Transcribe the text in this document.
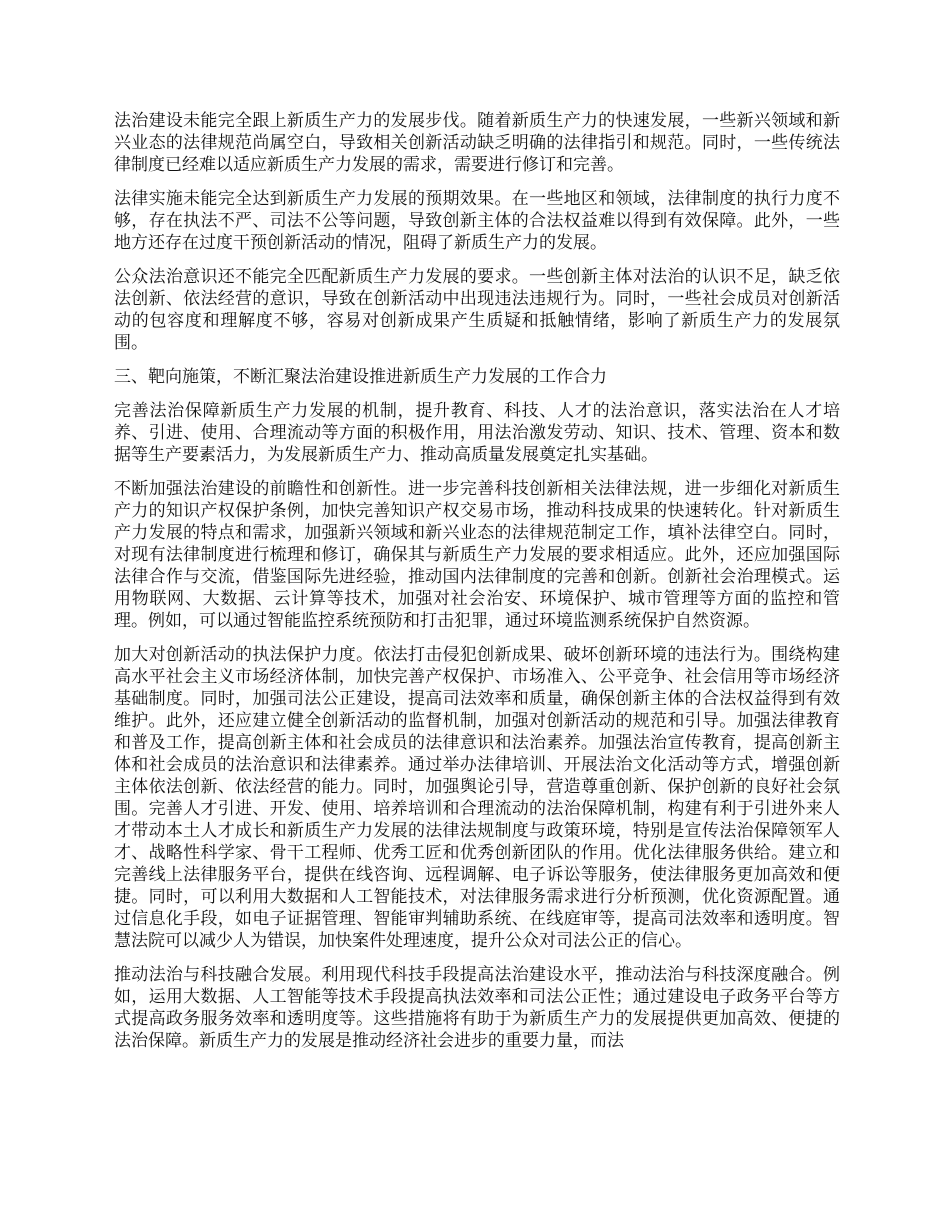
法治建设未能完全跟上新质生产力的发展步伐。随着新质生产力的快速发展，一些新兴领域和新兴业态的法律规范尚属空白，导致相关创新活动缺乏明确的法律指引和规范。同时，一些传统法律制度已经难以适应新质生产力发展的需求，需要进行修订和完善。

法律实施未能完全达到新质生产力发展的预期效果。在一些地区和领域，法律制度的执行力度不够，存在执法不严、司法不公等问题，导致创新主体的合法权益难以得到有效保障。此外，一些地方还存在过度干预创新活动的情况，阻碍了新质生产力的发展。

公众法治意识还不能完全匹配新质生产力发展的要求。一些创新主体对法治的认识不足，缺乏依法创新、依法经营的意识，导致在创新活动中出现违法违规行为。同时，一些社会成员对创新活动的包容度和理解度不够，容易对创新成果产生质疑和抵触情绪，影响了新质生产力的发展氛围。

三、靶向施策，不断汇聚法治建设推进新质生产力发展的工作合力

完善法治保障新质生产力发展的机制，提升教育、科技、人才的法治意识，落实法治在人才培养、引进、使用、合理流动等方面的积极作用，用法治激发劳动、知识、技术、管理、资本和数据等生产要素活力，为发展新质生产力、推动高质量发展奠定扎实基础。

不断加强法治建设的前瞻性和创新性。进一步完善科技创新相关法律法规，进一步细化对新质生产力的知识产权保护条例，加快完善知识产权交易市场，推动科技成果的快速转化。针对新质生产力发展的特点和需求，加强新兴领域和新兴业态的法律规范制定工作，填补法律空白。同时，对现有法律制度进行梳理和修订，确保其与新质生产力发展的要求相适应。此外，还应加强国际法律合作与交流，借鉴国际先进经验，推动国内法律制度的完善和创新。创新社会治理模式。运用物联网、大数据、云计算等技术，加强对社会治安、环境保护、城市管理等方面的监控和管理。例如，可以通过智能监控系统预防和打击犯罪，通过环境监测系统保护自然资源。

加大对创新活动的执法保护力度。依法打击侵犯创新成果、破坏创新环境的违法行为。围绕构建高水平社会主义市场经济体制，加快完善产权保护、市场准入、公平竞争、社会信用等市场经济基础制度。同时，加强司法公正建设，提高司法效率和质量，确保创新主体的合法权益得到有效维护。此外，还应建立健全创新活动的监督机制，加强对创新活动的规范和引导。加强法律教育和普及工作，提高创新主体和社会成员的法律意识和法治素养。加强法治宣传教育，提高创新主体和社会成员的法治意识和法律素养。通过举办法律培训、开展法治文化活动等方式，增强创新主体依法创新、依法经营的能力。同时，加强舆论引导，营造尊重创新、保护创新的良好社会氛围。完善人才引进、开发、使用、培养培训和合理流动的法治保障机制，构建有利于引进外来人才带动本土人才成长和新质生产力发展的法律法规制度与政策环境，特别是宣传法治保障领军人才、战略性科学家、骨干工程师、优秀工匠和优秀创新团队的作用。优化法律服务供给。建立和完善线上法律服务平台，提供在线咨询、远程调解、电子诉讼等服务，使法律服务更加高效和便捷。同时，可以利用大数据和人工智能技术，对法律服务需求进行分析预测，优化资源配置。通过信息化手段，如电子证据管理、智能审判辅助系统、在线庭审等，提高司法效率和透明度。智慧法院可以减少人为错误，加快案件处理速度，提升公众对司法公正的信心。

推动法治与科技融合发展。利用现代科技手段提高法治建设水平，推动法治与科技深度融合。例如，运用大数据、人工智能等技术手段提高执法效率和司法公正性；通过建设电子政务平台等方式提高政务服务效率和透明度等。这些措施将有助于为新质生产力的发展提供更加高效、便捷的法治保障。新质生产力的发展是推动经济社会进步的重要力量，而法
